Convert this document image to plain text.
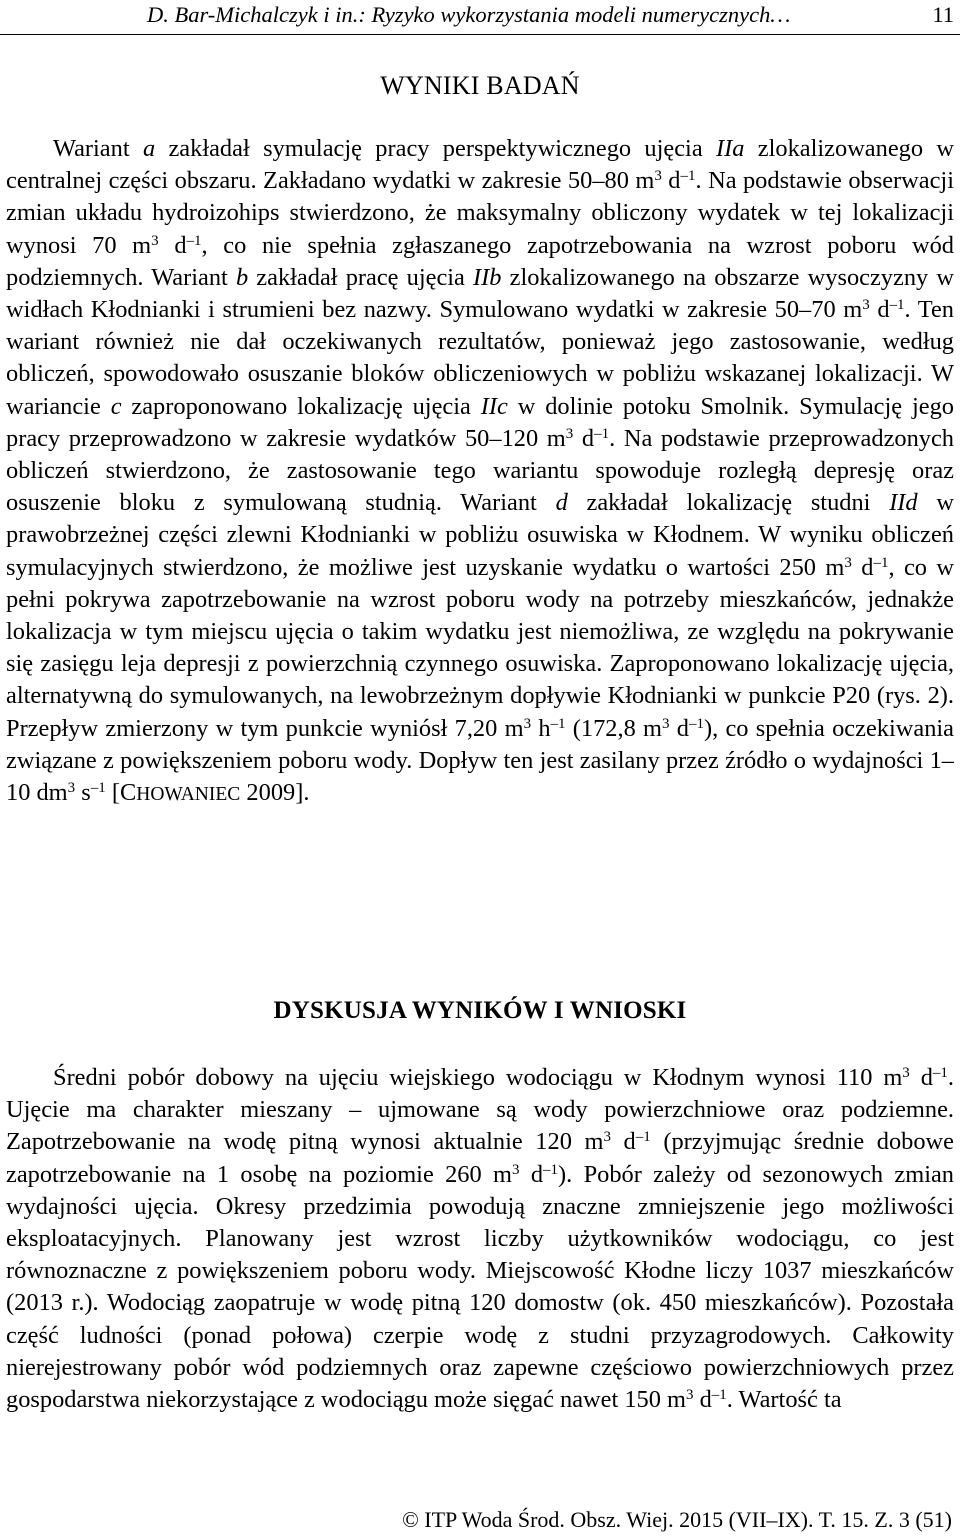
D. Bar-Michalczyk i in.: Ryzyko wykorzystania modeli numerycznych…	11
WYNIKI BADAŃ

Wariant a zakładał symulację pracy perspektywicznego ujęcia IIa zlokalizowanego w centralnej części obszaru. Zakładano wydatki w zakresie 50–80 $m^3$ $d^{-1}$. Na podstawie obserwacji zmian układu hydroizohips stwierdzono, że maksymalny obliczony wydatek w tej lokalizacji wynosi 70 $m^3$ $d^{-1}$, co nie spełnia zgłaszanego zapotrzebowania na wzrost poboru wód podziemnych. Wariant b zakładał pracę ujęcia IIb zlokalizowanego na obszarze wysoczyzny w widłach Kłodnianki i strumieni bez nazwy. Symulowano wydatki w zakresie 50–70 $m^3$ $d^{-1}$. Ten wariant również nie dał oczekiwanych rezultatów, ponieważ jego zastosowanie, według obliczeń, spowodowało osuszanie bloków obliczeniowych w pobliżu wskazanej lokalizacji. W wariancie c zaproponowano lokalizację ujęcia IIc w dolinie potoku Smolnik. Symulację jego pracy przeprowadzono w zakresie wydatków 50–120 $m^3$ $d^{-1}$. Na podstawie przeprowadzonych obliczeń stwierdzono, że zastosowanie tego wariantu spowoduje rozległą depresję oraz osuszenie bloku z symulowaną studnią. Wariant d zakładał lokalizację studni IId w prawobrzeżnej części zlewni Kłodnianki w pobliżu osuwiska w Kłodnem. W wyniku obliczeń symulacyjnych stwierdzono, że możliwe jest uzyskanie wydatku o wartości 250 $m^3$ $d^{-1}$, co w pełni pokrywa zapotrzebowanie na wzrost poboru wody na potrzeby mieszkańców, jednakże lokalizacja w tym miejscu ujęcia o takim wydatku jest niemożliwa, ze względu na pokrywanie się zasięgu leja depresji z powierzchnią czynnego osuwiska. Zaproponowano lokalizację ujęcia, alternatywną do symulowanych, na lewobrzeżnym dopływie Kłodnianki w punkcie P20 (rys. 2). Przepływ zmierzony w tym punkcie wyniósł 7,20 $m^3$ $h^{-1}$ (172,8 $m^3$ $d^{-1}$), co spełnia oczekiwania związane z powiększeniem poboru wody. Dopływ ten jest zasilany przez źródło o wydajności 1–10 $dm^3$ $s^{-1}$ [CHOWANIEC 2009].

DYSKUSJA WYNIKÓW I WNIOSKI

Średni pobór dobowy na ujęciu wiejskiego wodociągu w Kłodnym wynosi 110 $m^3$ $d^{-1}$. Ujęcie ma charakter mieszany – ujmowane są wody powierzchniowe oraz podziemne. Zapotrzebowanie na wodę pitną wynosi aktualnie 120 $m^3$ $d^{-1}$ (przyjmując średnie dobowe zapotrzebowanie na 1 osobę na poziomie 260 $m^3$ $d^{-1}$). Pobór zależy od sezonowych zmian wydajności ujęcia. Okresy przedzimia powodują znaczne zmniejszenie jego możliwości eksploatacyjnych. Planowany jest wzrost liczby użytkowników wodociągu, co jest równoznaczne z powiększeniem poboru wody. Miejscowość Kłodne liczy 1037 mieszkańców (2013 r.). Wodociąg zaopatruje w wodę pitną 120 domostw (ok. 450 mieszkańców). Pozostała część ludności (ponad połowa) czerpie wodę z studni przyzagrodowych. Całkowity nierejestrowany pobór wód podziemnych oraz zapewne częściowo powierzchniowych przez gospodarstwa niekorzystające z wodociągu może sięgać nawet 150 $m^3$ $d^{-1}$. Wartość ta

© ITP Woda Środ. Obsz. Wiej. 2015 (VII–IX). T. 15. Z. 3 (51)
